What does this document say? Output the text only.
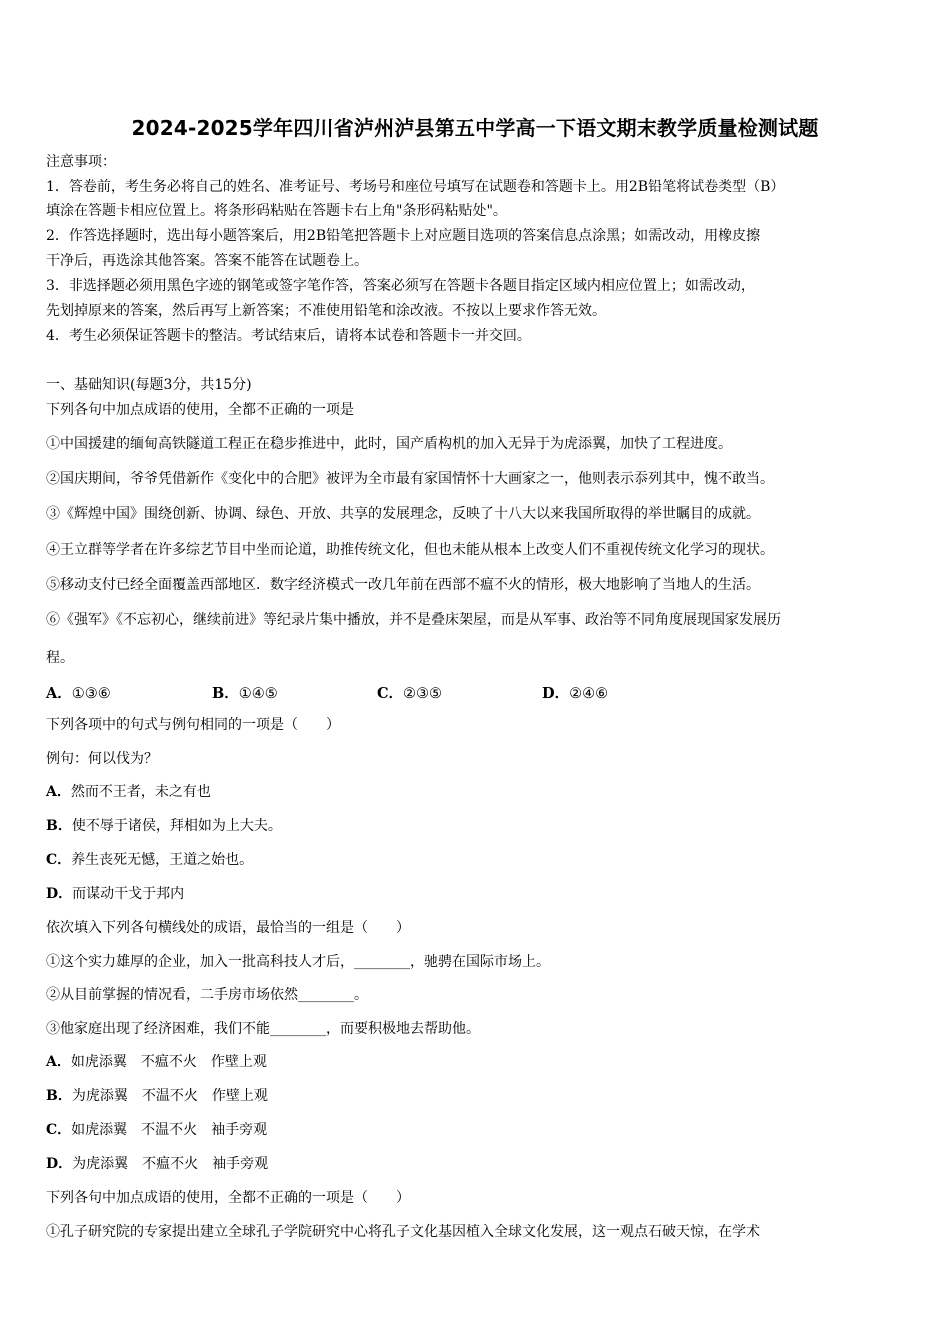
2024-2025学年四川省泸州泸县第五中学高一下语文期末教学质量检测试题
注意事项：
1．答卷前，考生务必将自己的姓名、准考证号、考场号和座位号填写在试题卷和答题卡上。用2B铅笔将试卷类型（B）
填涂在答题卡相应位置上。将条形码粘贴在答题卡右上角"条形码粘贴处"。
2．作答选择题时，选出每小题答案后，用2B铅笔把答题卡上对应题目选项的答案信息点涂黑；如需改动，用橡皮擦
干净后，再选涂其他答案。答案不能答在试题卷上。
3．非选择题必须用黑色字迹的钢笔或签字笔作答，答案必须写在答题卡各题目指定区域内相应位置上；如需改动，
先划掉原来的答案，然后再写上新答案；不准使用铅笔和涂改液。不按以上要求作答无效。
4．考生必须保证答题卡的整洁。考试结束后，请将本试卷和答题卡一并交回。
一、基础知识(每题3分，共15分)
下列各句中加点成语的使用，全都不正确的一项是
①中国援建的缅甸高铁隧道工程正在稳步推进中，此时，国产盾构机的加入无异于为虎添翼，加快了工程进度。
②国庆期间，爷爷凭借新作《变化中的合肥》被评为全市最有家国情怀十大画家之一，他则表示忝列其中，愧不敢当。
③《辉煌中国》围绕创新、协调、绿色、开放、共享的发展理念，反映了十八大以来我国所取得的举世瞩目的成就。
④王立群等学者在许多综艺节目中坐而论道，助推传统文化，但也未能从根本上改变人们不重视传统文化学习的现状。
⑤移动支付已经全面覆盖西部地区．数字经济模式一改几年前在西部不瘟不火的情形，极大地影响了当地人的生活。
⑥《强军》《不忘初心，继续前进》等纪录片集中播放，并不是叠床架屋，而是从军事、政治等不同角度展现国家发展历
程。
A．①③⑥	B．①④⑤	C．②③⑤	D．②④⑥
下列各项中的句式与例句相同的一项是（　　）
例句：何以伐为？
A．然而不王者，未之有也
B．使不辱于诸侯，拜相如为上大夫。
C．养生丧死无憾，王道之始也。
D．而谋动干戈于邦内
依次填入下列各句横线处的成语，最恰当的一组是（　　）
①这个实力雄厚的企业，加入一批高科技人才后，________，驰骋在国际市场上。
②从目前掌握的情况看，二手房市场依然________。
③他家庭出现了经济困难，我们不能________，而要积极地去帮助他。
A．如虎添翼　不瘟不火　作壁上观
B．为虎添翼　不温不火　作壁上观
C．如虎添翼　不温不火　袖手旁观
D．为虎添翼　不瘟不火　袖手旁观
下列各句中加点成语的使用，全都不正确的一项是（　　）
①孔子研究院的专家提出建立全球孔子学院研究中心将孔子文化基因植入全球文化发展，这一观点石破天惊，在学术
